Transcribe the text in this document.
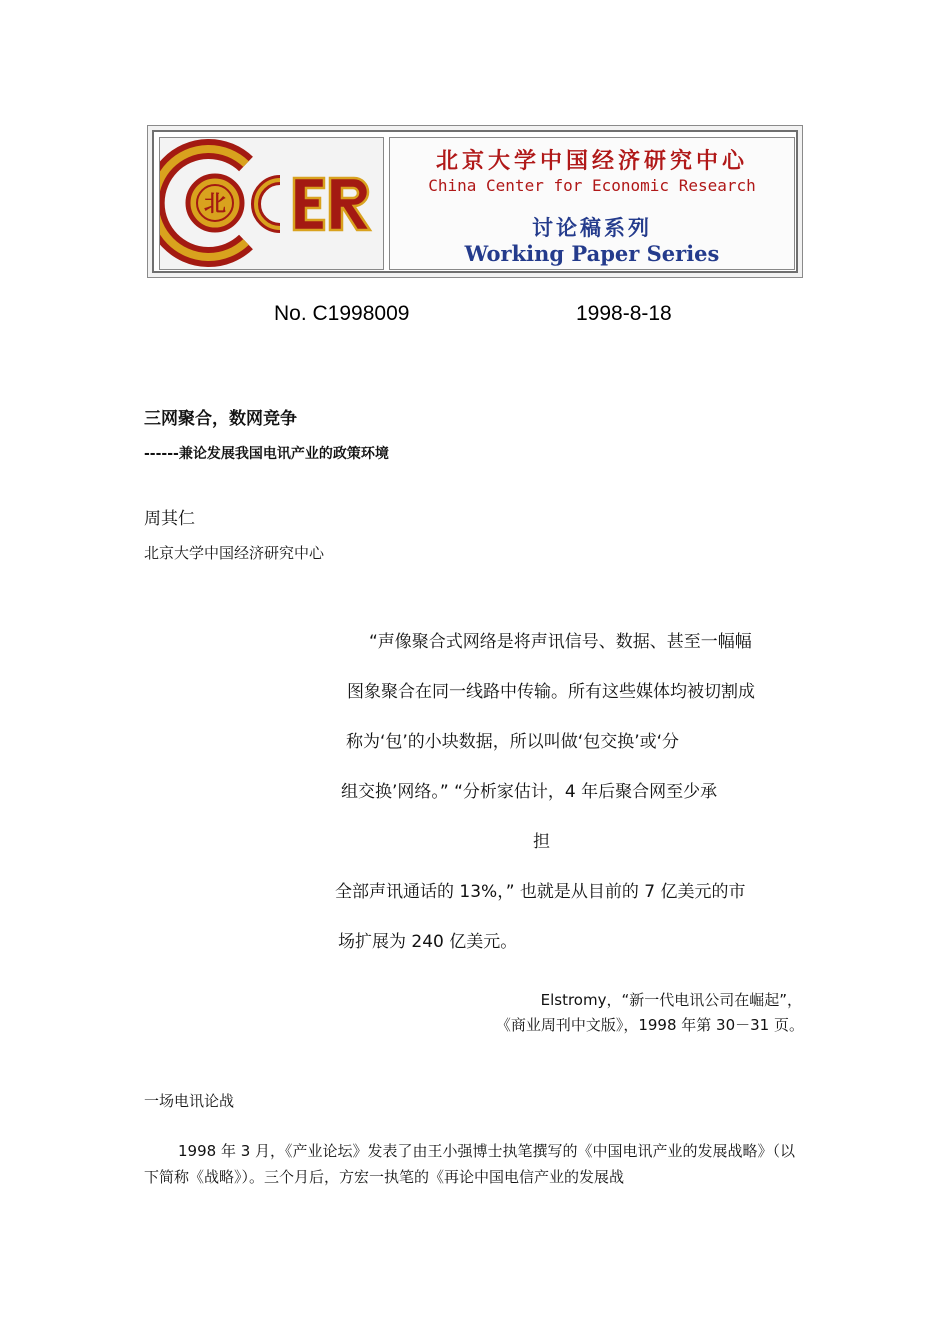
北
北京大学中国经济研究中心
China Center for Economic Research
讨论稿系列
Working Paper Series
No. C1998009	1998-8-18
三网聚合，数网竞争
------兼论发展我国电讯产业的政策环境
周其仁
北京大学中国经济研究中心
“声像聚合式网络是将声讯信号、数据、甚至一幅幅
图象聚合在同一线路中传输。所有这些媒体均被切割成
称为‘包’的小块数据，所以叫做‘包交换’或‘分
组交换’网络。” “分析家估计，4 年后聚合网至少承
担
全部声讯通话的 13%，” 也就是从目前的 7 亿美元的市
场扩展为 240 亿美元。
Elstromy，“新一代电讯公司在崛起”，
《商业周刊中文版》，1998 年第 30－31 页。
一场电讯论战

1998 年 3 月，《产业论坛》发表了由王小强博士执笔撰写的《中国电讯产业的发展战略》（以下简称《战略》）。三个月后，方宏一执笔的《再论中国电信产业的发展战
